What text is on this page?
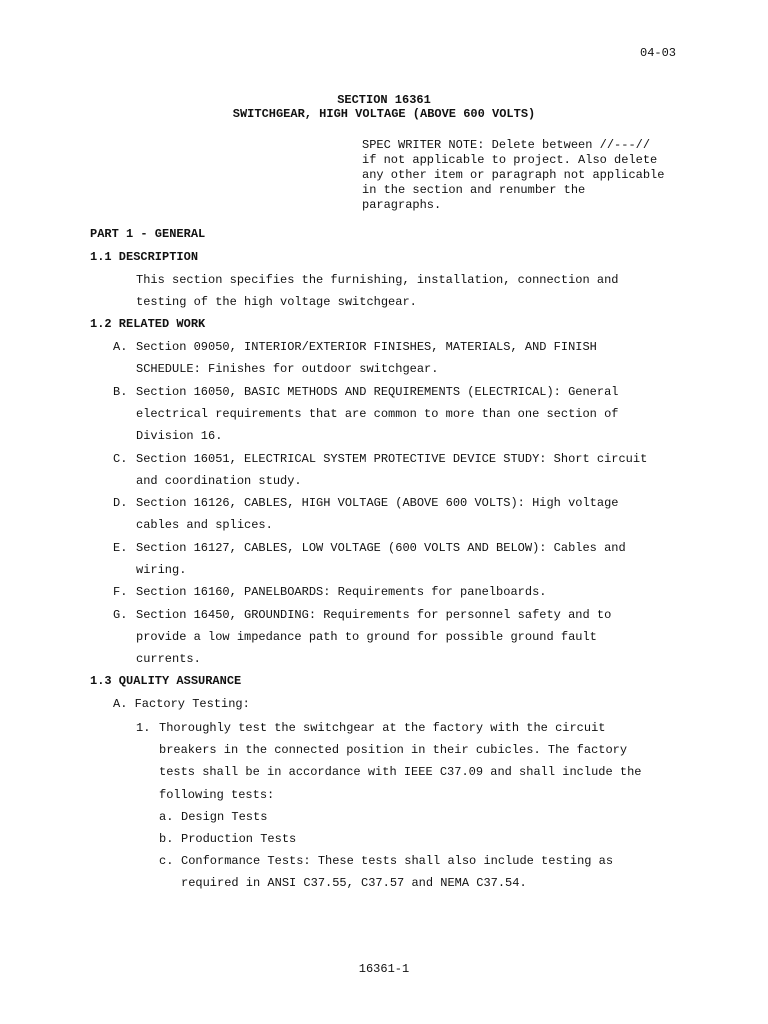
04-03
SECTION 16361
SWITCHGEAR, HIGH VOLTAGE (ABOVE 600 VOLTS)
SPEC WRITER NOTE: Delete between //---//
if not applicable to project. Also delete
any other item or paragraph not applicable
in the section and renumber the
paragraphs.
PART 1 - GENERAL
1.1 DESCRIPTION
This section specifies the furnishing, installation, connection and
testing of the high voltage switchgear.
1.2 RELATED WORK
A. Section 09050, INTERIOR/EXTERIOR FINISHES, MATERIALS, AND FINISH
SCHEDULE: Finishes for outdoor switchgear.
B. Section 16050, BASIC METHODS AND REQUIREMENTS (ELECTRICAL): General
electrical requirements that are common to more than one section of
Division 16.
C. Section 16051, ELECTRICAL SYSTEM PROTECTIVE DEVICE STUDY: Short circuit
and coordination study.
D. Section 16126, CABLES, HIGH VOLTAGE (ABOVE 600 VOLTS): High voltage
cables and splices.
E. Section 16127, CABLES, LOW VOLTAGE (600 VOLTS AND BELOW): Cables and
wiring.
F. Section 16160, PANELBOARDS: Requirements for panelboards.
G. Section 16450, GROUNDING: Requirements for personnel safety and to
provide a low impedance path to ground for possible ground fault
currents.
1.3 QUALITY ASSURANCE
A. Factory Testing:
1. Thoroughly test the switchgear at the factory with the circuit
breakers in the connected position in their cubicles. The factory
tests shall be in accordance with IEEE C37.09 and shall include the
following tests:
a. Design Tests
b. Production Tests
c. Conformance Tests: These tests shall also include testing as
required in ANSI C37.55, C37.57 and NEMA C37.54.
16361-1
